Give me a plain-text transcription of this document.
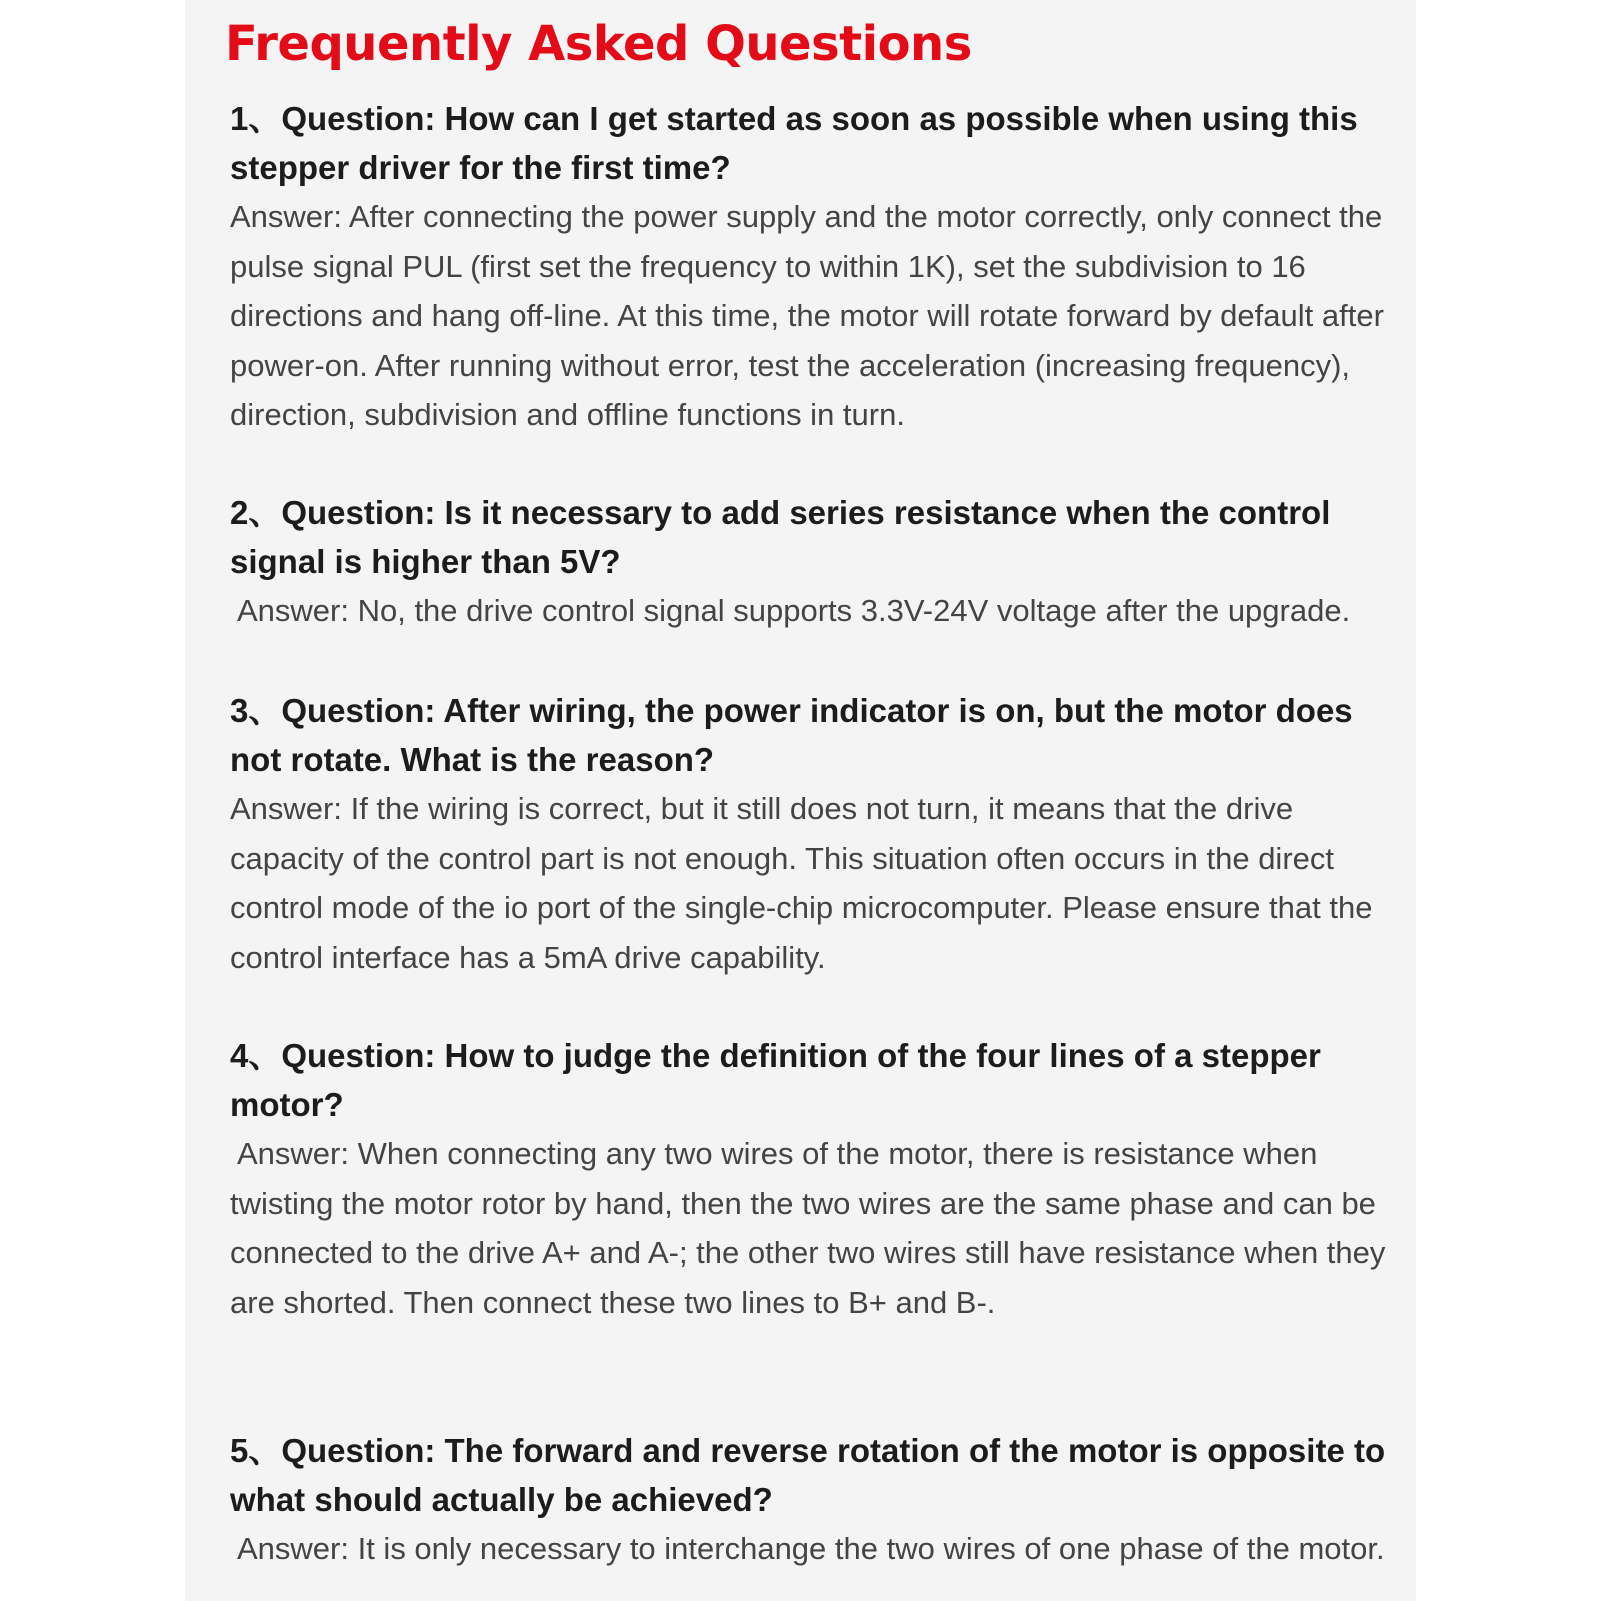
Frequently Asked Questions

1、Question: How can I get started as soon as possible when using this stepper driver for the first time?

Answer: After connecting the power supply and the motor correctly, only connect the pulse signal PUL (first set the frequency to within 1K), set the subdivision to 16 directions and hang off-line. At this time, the motor will rotate forward by default after power-on. After running without error, test the acceleration (increasing frequency), direction, subdivision and offline functions in turn.

2、Question: Is it necessary to add series resistance when the control signal is higher than 5V?

Answer: No, the drive control signal supports 3.3V-24V voltage after the upgrade.

3、Question: After wiring, the power indicator is on, but the motor does not rotate. What is the reason?

Answer: If the wiring is correct, but it still does not turn, it means that the drive capacity of the control part is not enough. This situation often occurs in the direct control mode of the io port of the single-chip microcomputer. Please ensure that the control interface has a 5mA drive capability.

4、Question: How to judge the definition of the four lines of a stepper motor?

Answer: When connecting any two wires of the motor, there is resistance when twisting the motor rotor by hand, then the two wires are the same phase and can be connected to the drive A+ and A-; the other two wires still have resistance when they are shorted. Then connect these two lines to B+ and B-.

5、Question: The forward and reverse rotation of the motor is opposite to what should actually be achieved?

Answer: It is only necessary to interchange the two wires of one phase of the motor.
